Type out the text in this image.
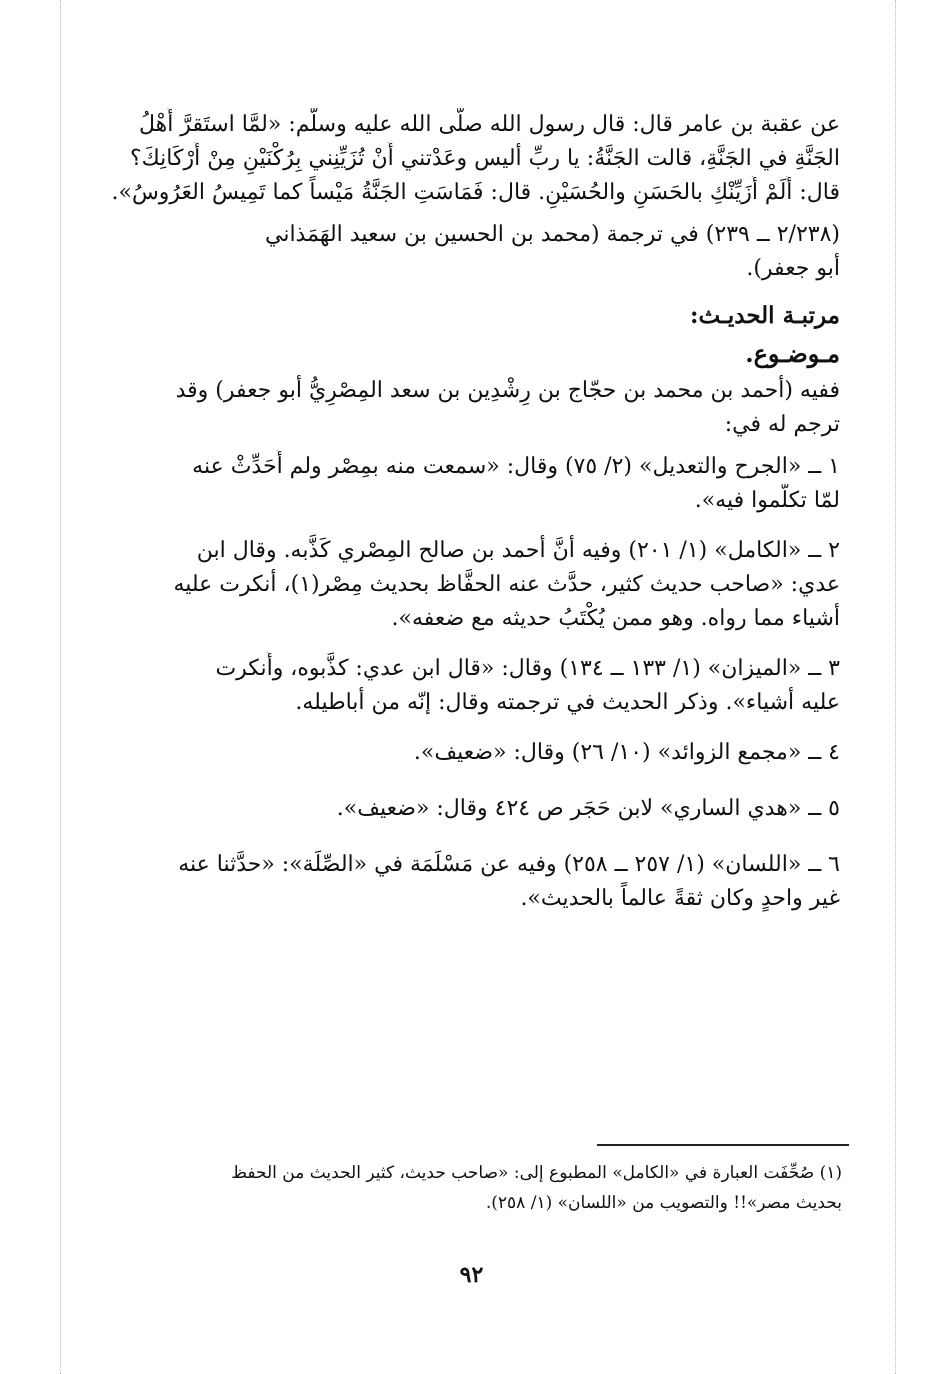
عن عقبة بن عامر قال: قال رسول الله صلَّى الله عليه وسلَّم: «لمَّا استَقرَّ أَهْلُ
الجَنَّةِ في الجَنَّةِ، قالت الجَنَّةُ: يا ربِّ أليس وعَدْتني أَنْ تُزَيِّنِني بِرُكْنَيْنِ مِنْ أَرْكَانِكَ؟
قال: أَلَمْ أُزَيِّنْكِ بالحَسَنِ والحُسَيْنِ. قال: فَمَاسَتِ الجَنَّةُ مَيْساً كما تَمِيسُ العَرُوسُ».
(٢/٢٣٨ ــ ٢٣٩) في ترجمة (محمد بن الحسين بن سعيد الهَمَذاني
أبو جعفر).
مرتبـة الحديـث:
مـوضـوع.
ففيه (أحمد بن محمد بن حجّاج بن رِشْدِين بن سعد المِصْرِيُّ أبو جعفر) وقد
ترجم له في:
١ ــ «الجرح والتعديل» (٢/ ٧٥) وقال: «سمعت منه بمِصْر ولم أُحَدِّثْ عنه
لمّا تكلّموا فيه».
٢ ــ «الكامل» (١/ ٢٠١) وفيه أنَّ أحمد بن صالح المِصْري كَذَّبه. وقال ابن
عدي: «صاحب حديث كثير، حدَّث عنه الحفَّاظ بحديث مِصْر(١)، أنكرت عليه
أشياء مما رواه. وهو ممن يُكْتَبُ حديثه مع ضعفه».
٣ ــ «الميزان» (١/ ١٣٣ ــ ١٣٤) وقال: «قال ابن عدي: كذَّبوه، وأُنكرت
عليه أشياء». وذكر الحديث في ترجمته وقال: إنّه من أباطيله.
٤ ــ «مجمع الزوائد» (١٠/ ٢٦) وقال: «ضعيف».
٥ ــ «هدي الساري» لابن حَجَر ص ٤٢٤ وقال: «ضعيف».
٦ ــ «اللسان» (١/ ٢٥٧ ــ ٢٥٨) وفيه عن مَسْلَمَة في «الصِّلَة»: «حدَّثنا عنه
غير واحدٍ وكان ثقةً عالماً بالحديث».
(١) صُحِّفَت العبارة في «الكامل» المطبوع إلى: «صاحب حديث، كثير الحديث من الحفظ
بحديث مصر»!! والتصويب من «اللسان» (١/ ٢٥٨).
٩٢
